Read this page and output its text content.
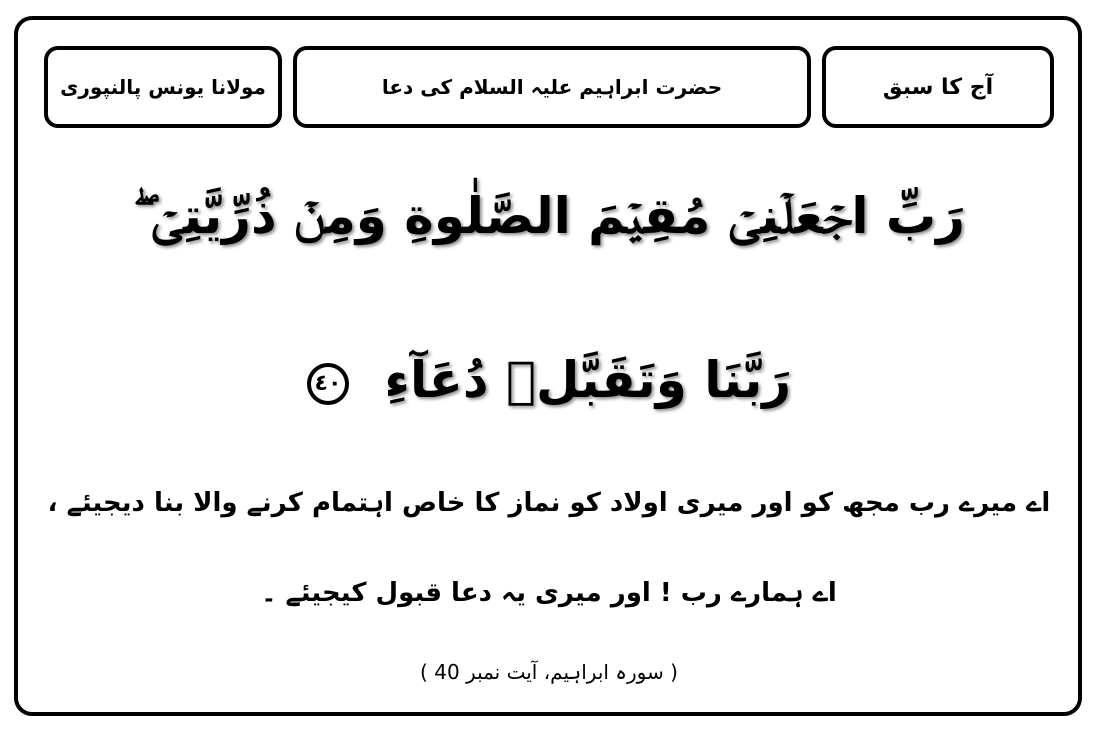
مولانا یونس پالنپوری	حضرت ابراہیم علیہ السلام کی دعا	آج کا سبق
رَبِّ اجۡعَلۡنِىۡ مُقِيۡمَ الصَّلٰوةِ وَمِنۡ ذُرِّيَّتِىۡ ‌ۖ
رَبَّنَا وَتَقَبَّلۡ دُعَآءِ ٤٠
اے میرے رب مجھ کو اور میری اولاد کو نماز کا خاص اہتمام کرنے والا بنا دیجیئے ،
اے ہمارے رب ! اور میری یہ دعا قبول کیجیئے ۔
( سورہ ابراہیم، آیت نمبر 40 )
